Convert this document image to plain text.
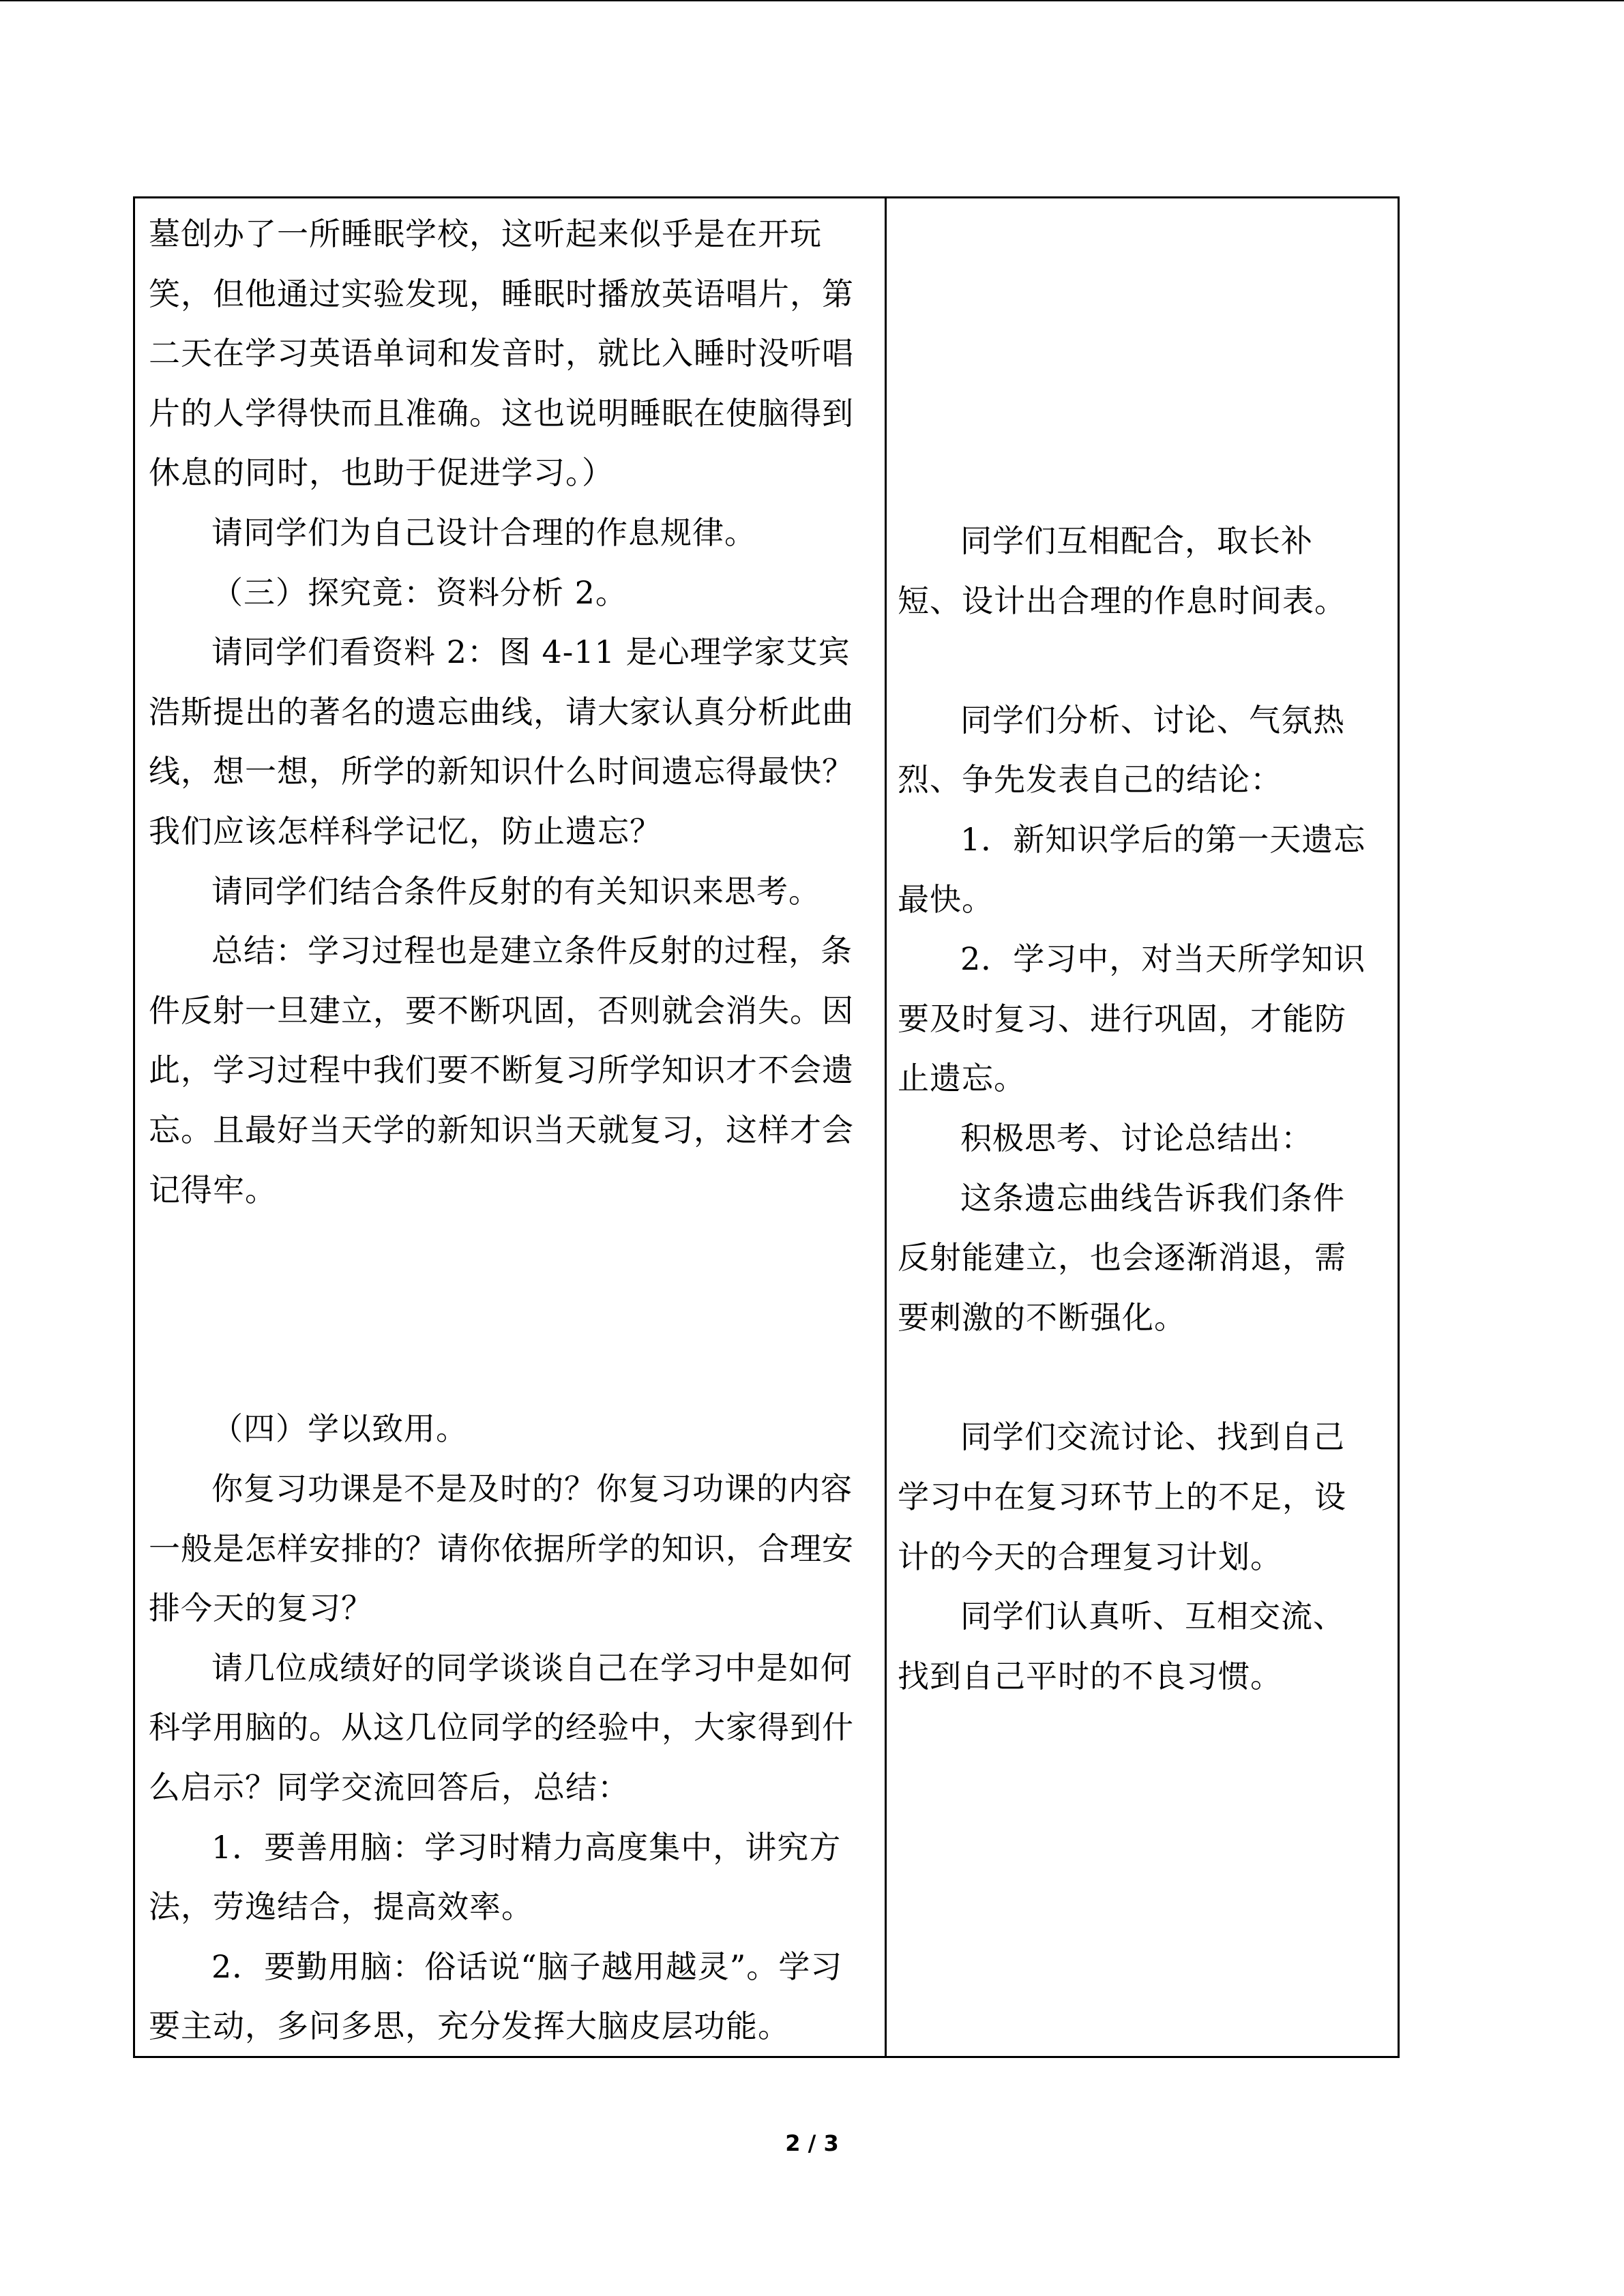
墓创办了一所睡眠学校，这听起来似乎是在开玩
笑，但他通过实验发现，睡眠时播放英语唱片，第
二天在学习英语单词和发音时，就比入睡时没听唱
片的人学得快而且准确。这也说明睡眠在使脑得到
休息的同时，也助于促进学习。）
请同学们为自己设计合理的作息规律。
（三）探究竟：资料分析 2。
请同学们看资料 2：图 4-11 是心理学家艾宾
浩斯提出的著名的遗忘曲线，请大家认真分析此曲
线，想一想，所学的新知识什么时间遗忘得最快？
我们应该怎样科学记忆，防止遗忘？
请同学们结合条件反射的有关知识来思考。
总结：学习过程也是建立条件反射的过程，条
件反射一旦建立，要不断巩固，否则就会消失。因
此，学习过程中我们要不断复习所学知识才不会遗
忘。且最好当天学的新知识当天就复习，这样才会
记得牢。
（四）学以致用。
你复习功课是不是及时的？你复习功课的内容
一般是怎样安排的？请你依据所学的知识，合理安
排今天的复习？
请几位成绩好的同学谈谈自己在学习中是如何
科学用脑的。从这几位同学的经验中，大家得到什
么启示？同学交流回答后，总结：
1．要善用脑：学习时精力高度集中，讲究方
法，劳逸结合，提高效率。
2．要勤用脑：俗话说“脑子越用越灵”。学习
要主动，多问多思，充分发挥大脑皮层功能。
同学们互相配合，取长补
短、设计出合理的作息时间表。
同学们分析、讨论、气氛热
烈、争先发表自己的结论：
1．新知识学后的第一天遗忘
最快。
2．学习中，对当天所学知识
要及时复习、进行巩固，才能防
止遗忘。
积极思考、讨论总结出：
这条遗忘曲线告诉我们条件
反射能建立，也会逐渐消退，需
要刺激的不断强化。
同学们交流讨论、找到自己
学习中在复习环节上的不足，设
计的今天的合理复习计划。
同学们认真听、互相交流、
找到自己平时的不良习惯。
2 / 3
